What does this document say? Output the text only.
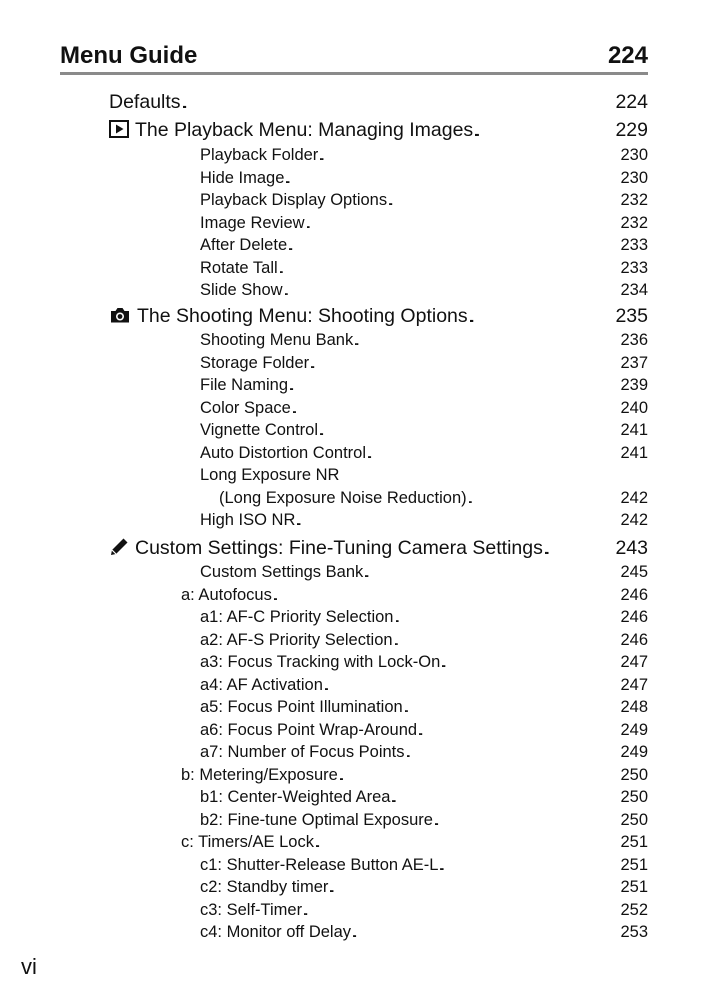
Menu Guide	224
Defaults . . .	224
The Playback Menu: Managing Images . . .	229
Playback Folder . . .	230
Hide Image . . .	230
Playback Display Options . . .	232
Image Review . . .	232
After Delete . . .	233
Rotate Tall . . .	233
Slide Show . . .	234
The Shooting Menu: Shooting Options . . .	235
Shooting Menu Bank . . .	236
Storage Folder . . .	237
File Naming . . .	239
Color Space . . .	240
Vignette Control . . .	241
Auto Distortion Control . . .	241
Long Exposure NR
(Long Exposure Noise Reduction) . . .	242
High ISO NR . . .	242
Custom Settings: Fine-Tuning Camera Settings . . .	243
Custom Settings Bank . . .	245
a: Autofocus . . .	246
a1: AF-C Priority Selection . . .	246
a2: AF-S Priority Selection . . .	246
a3: Focus Tracking with Lock-On . . .	247
a4: AF Activation . . .	247
a5: Focus Point Illumination . . .	248
a6: Focus Point Wrap-Around . . .	249
a7: Number of Focus Points . . .	249
b: Metering/Exposure . . .	250
b1: Center-Weighted Area . . .	250
b2: Fine-tune Optimal Exposure . . .	250
c: Timers/AE Lock . . .	251
c1: Shutter-Release Button AE-L . . .	251
c2: Standby timer . . .	251
c3: Self-Timer . . .	252
c4: Monitor off Delay . . .	253
vi
